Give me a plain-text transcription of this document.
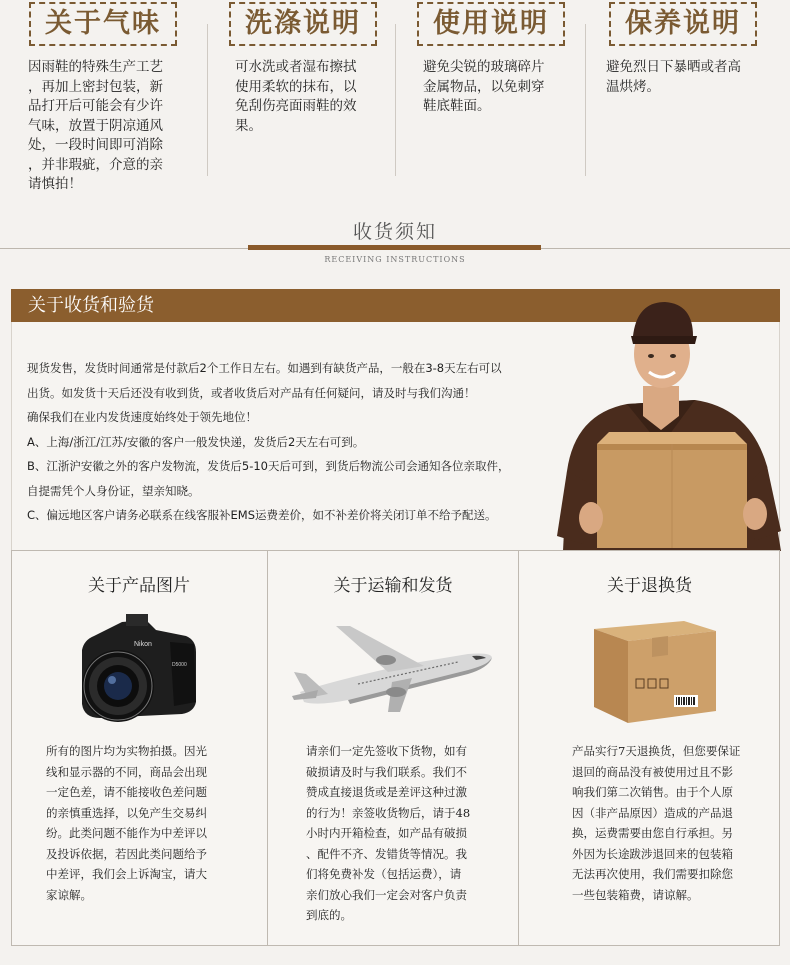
关于气味

因雨鞋的特殊生产工艺

，再加上密封包装，新

品打开后可能会有少许

气味，放置于阴凉通风

处，一段时间即可消除

，并非瑕疵，介意的亲

请慎拍！

洗涤说明

可水洗或者湿布擦拭

使用柔软的抹布，以

免刮伤亮面雨鞋的效

果。

使用说明

避免尖锐的玻璃碎片

金属物品，以免刺穿

鞋底鞋面。

保养说明

避免烈日下暴晒或者高

温烘烤。

收货须知
RECEIVING INSTRUCTIONS
关于收货和验货

现货发售，发货时间通常是付款后2个工作日左右。如遇到有缺货产品，一般在3-8天左右可以

出货。如发货十天后还没有收到货，或者收货后对产品有任何疑问，请及时与我们沟通！

确保我们在业内发货速度始终处于领先地位！

A、上海/浙江/江苏/安徽的客户一般发快递，发货后2天左右可到。

B、江浙沪安徽之外的客户发物流，发货后5-10天后可到，到货后物流公司会通知各位亲取件，

自提需凭个人身份证，望亲知晓。

C、偏远地区客户请务必联系在线客服补EMS运费差价，如不补差价将关闭订单不给予配送。

关于产品图片
Nikon
D5000

所有的图片均为实物拍摄。因光

线和显示器的不同，商品会出现

一定色差，请不能接收色差问题

的亲慎重选择，以免产生交易纠

纷。此类问题不能作为中差评以

及投诉依据，若因此类问题给予

中差评，我们会上诉淘宝，请大

家谅解。

关于运输和发货

请亲们一定先签收下货物，如有

破损请及时与我们联系。我们不

赞成直接退货或是差评这种过激

的行为！亲签收货物后，请于48

小时内开箱检查，如产品有破损

、配件不齐、发错货等情况。我

们将免费补发（包括运费），请

亲们放心我们一定会对客户负责

到底的。

关于退换货

产品实行7天退换货，但您要保证

退回的商品没有被使用过且不影

响我们第二次销售。由于个人原

因（非产品原因）造成的产品退

换，运费需要由您自行承担。另

外因为长途跋涉退回来的包装箱

无法再次使用，我们需要扣除您

一些包装箱费，请谅解。
